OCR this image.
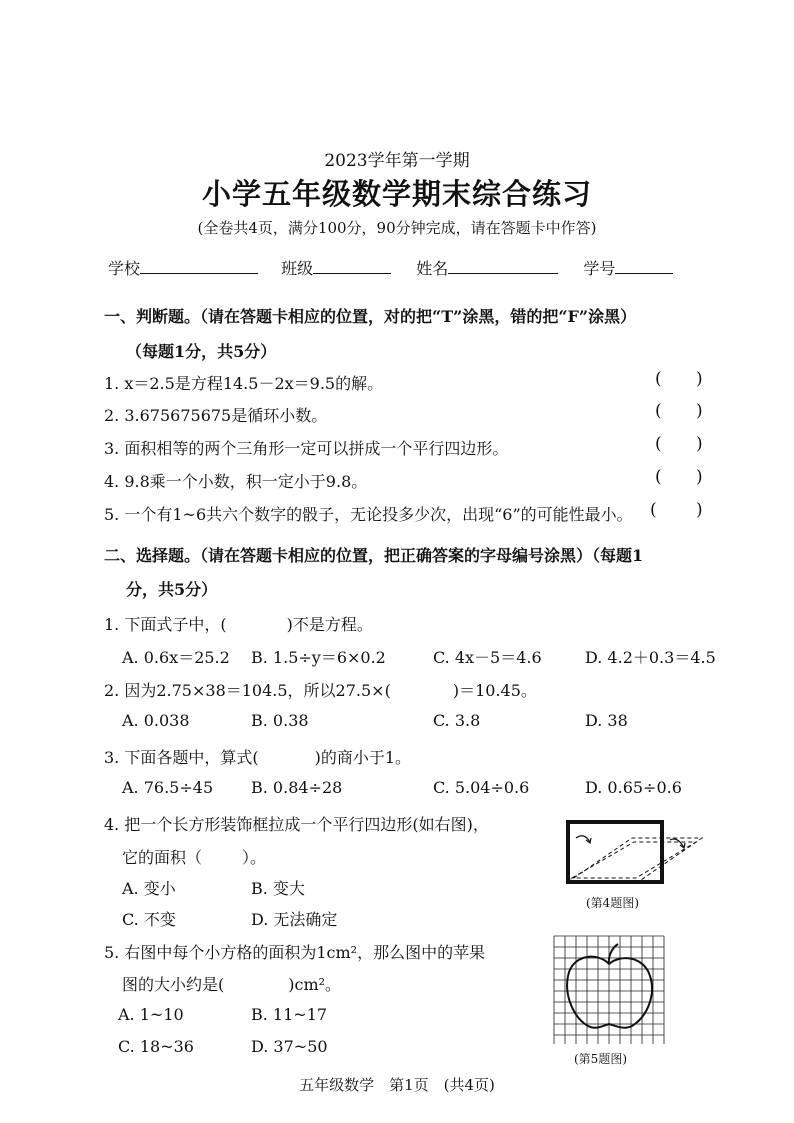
2023学年第一学期
小学五年级数学期末综合练习
(全卷共4页，满分100分，90分钟完成，请在答题卡中作答)
学校	班级	姓名	学号
一、判断题。（请在答题卡相应的位置，对的把“T”涂黑，错的把“F”涂黑）
（每题1分，共5分）
1. x＝2.5是方程14.5－2x＝9.5的解。
2. 3.675675675是循环小数。
3. 面积相等的两个三角形一定可以拼成一个平行四边形。
4. 9.8乘一个小数，积一定小于9.8。
5. 一个有1~6共六个数字的骰子，无论投多少次，出现“6”的可能性最小。
( )
( )
( )
( )
( )
二、选择题。（请在答题卡相应的位置，把正确答案的字母编号涂黑）（每题1
分，共5分）
1. 下面式子中，(	)不是方程。
A. 0.6x＝25.2 B. 1.5÷y＝6×0.2	C. 4x－5＝4.6	D. 4.2＋0.3＝4.5
2. 因为2.75×38＝104.5，所以27.5×(	)＝10.45。
A. 0.038	B. 0.38	C. 3.8	D. 38
3. 下面各题中，算式(	)的商小于1。
A. 76.5÷45 B. 0.84÷28	C. 5.04÷0.6	D. 0.65÷0.6
4. 把一个长方形装饰框拉成一个平行四边形(如右图)，
它的面积（	）。
A. 变小	B. 变大
C. 不变	D. 无法确定
(第4题图)
5. 右图中每个小方格的面积为1cm²，那么图中的苹果
图的大小约是(	)cm²。
A. 1~10	B. 11~17
C. 18~36	D. 37~50
(第5题图)
五年级数学　第1页　(共4页)
